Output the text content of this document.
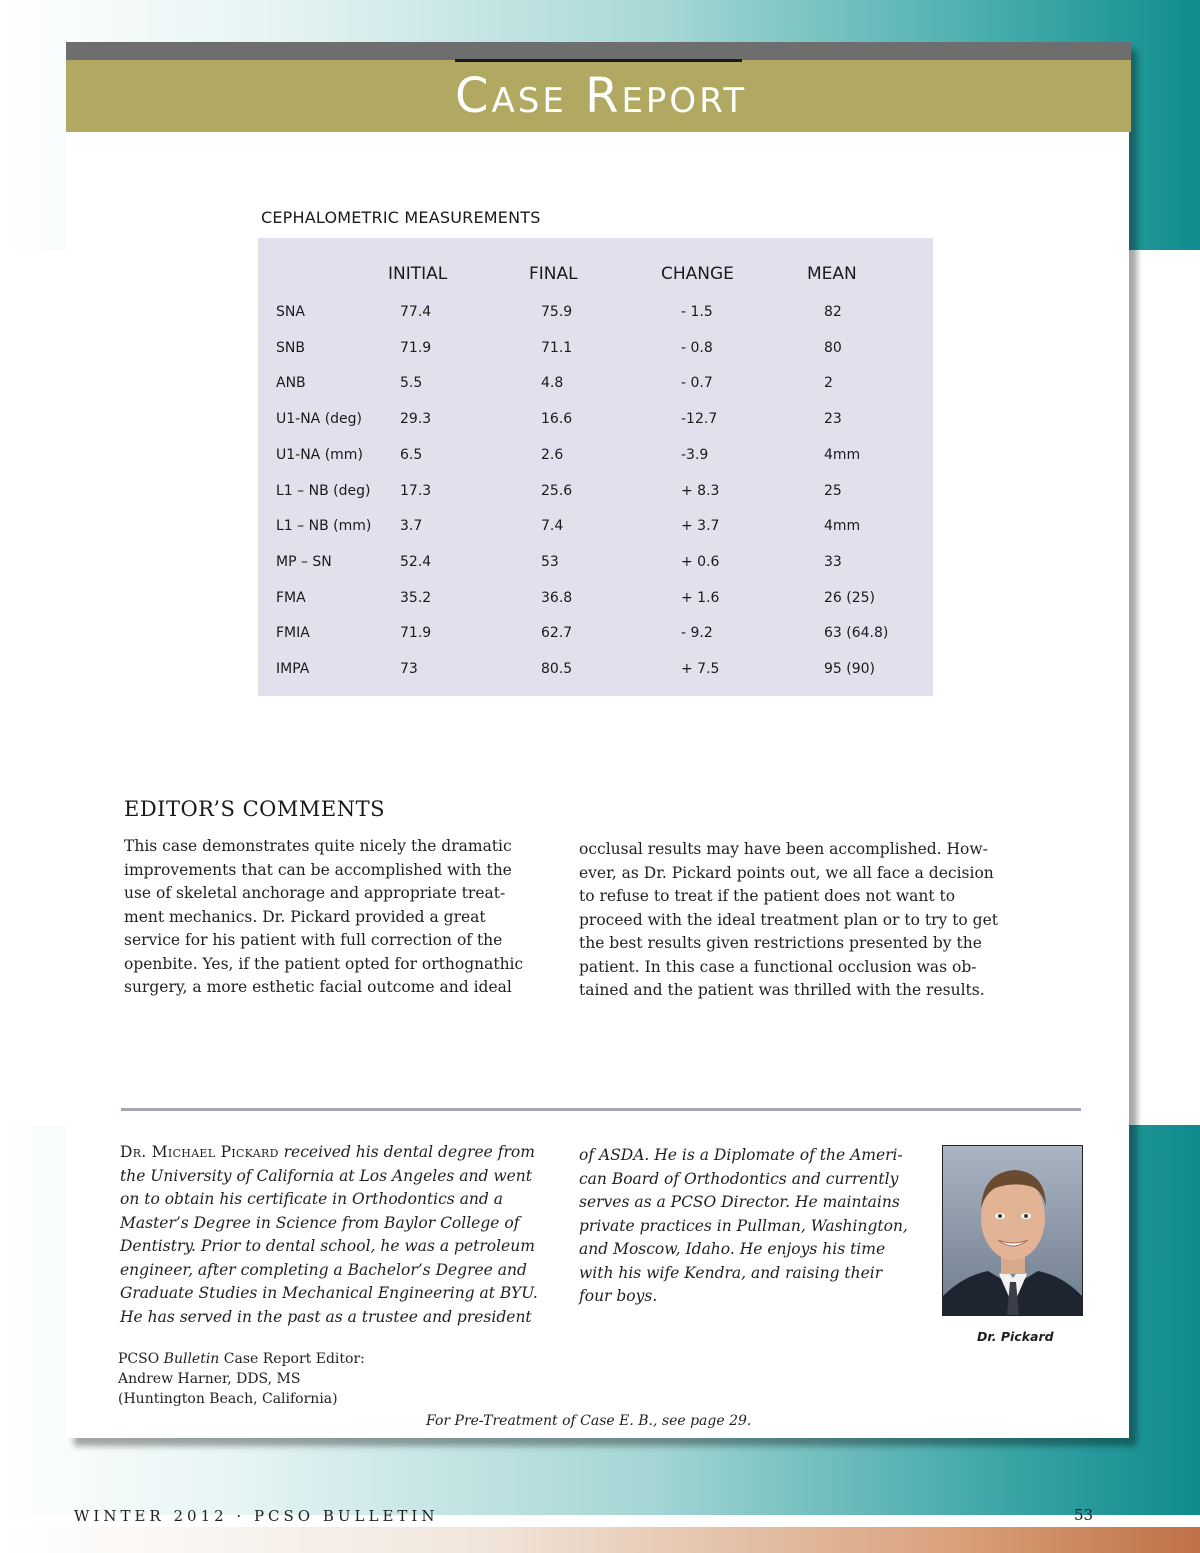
Case Report
CEPHALOMETRIC MEASUREMENTS
INITIAL	FINAL	CHANGE	MEAN
SNA	77.4	75.9	- 1.5	82
SNB	71.9	71.1	- 0.8	80
ANB	5.5	4.8	- 0.7	2
U1-NA (deg)	29.3	16.6	-12.7	23
U1-NA (mm)	6.5	2.6	-3.9	4mm
L1 – NB (deg) 17.3	25.6	+ 8.3	25
L1 – NB (mm) 3.7	7.4	+ 3.7	4mm
MP – SN	52.4	53	+ 0.6	33
FMA	35.2	36.8	+ 1.6	26 (25)
FMIA	71.9	62.7	- 9.2	63 (64.8)
IMPA	73	80.5	+ 7.5	95 (90)
EDITOR’S COMMENTS
This case demonstrates quite nicely the dramatic
improvements that can be accomplished with the
use of skeletal anchorage and appropriate treat-
ment mechanics. Dr. Pickard provided a great
service for his patient with full correction of the
openbite. Yes, if the patient opted for orthognathic
surgery, a more esthetic facial outcome and ideal
occlusal results may have been accomplished. How-
ever, as Dr. Pickard points out, we all face a decision
to refuse to treat if the patient does not want to
proceed with the ideal treatment plan or to try to get
the best results given restrictions presented by the
patient. In this case a functional occlusion was ob-
tained and the patient was thrilled with the results.
Dr. Michael Pickard received his dental degree from
the University of California at Los Angeles and went
on to obtain his certificate in Orthodontics and a
Master’s Degree in Science from Baylor College of
Dentistry. Prior to dental school, he was a petroleum
engineer, after completing a Bachelor’s Degree and
Graduate Studies in Mechanical Engineering at BYU.
He has served in the past as a trustee and president
of ASDA. He is a Diplomate of the Ameri-
can Board of Orthodontics and currently
serves as a PCSO Director. He maintains
private practices in Pullman, Washington,
and Moscow, Idaho. He enjoys his time
with his wife Kendra, and raising their
four boys.
Dr. Pickard
PCSO Bulletin Case Report Editor:
Andrew Harner, DDS, MS
(Huntington Beach, California)
For Pre-Treatment of Case E. B., see page 29.
WINTER 2012 · PCSO BULLETIN	53
